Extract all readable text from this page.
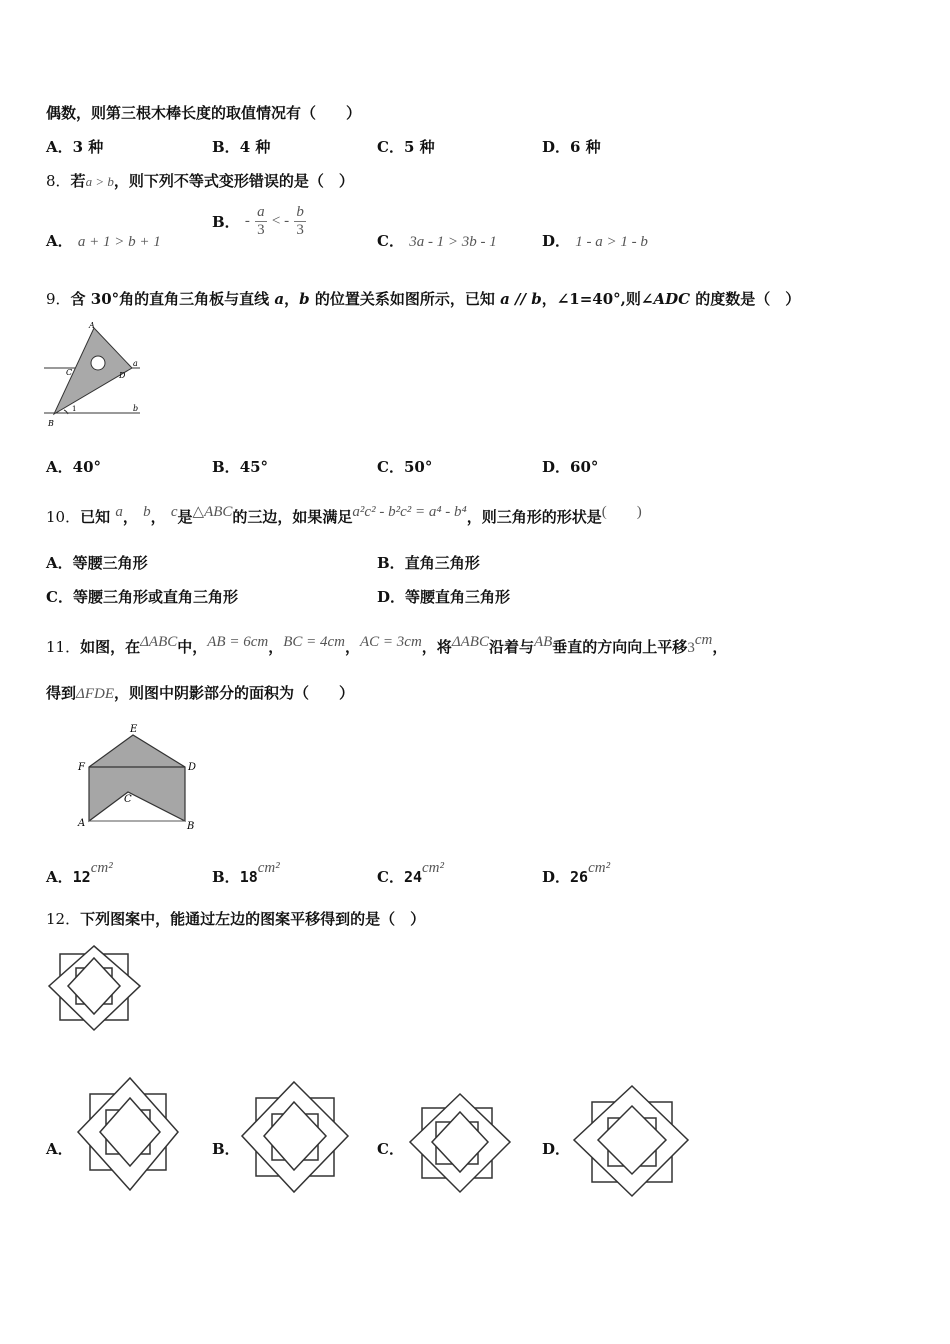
偶数，则第三根木棒长度的取值情况有（　　）
A．3 种	B．4 种	C．5 种	D．6 种
8．若a > b，则下列不等式变形错误的是（　）
A． a + 1 > b + 1
B． - $\frac{a}{3}$ < - $\frac{b}{3}$
C． 3a - 1 > 3b - 1	D． 1 - a > 1 - b
9．含 30°角的直角三角板与直线 a，b 的位置关系如图所示，已知 a // b，∠1=40°,则∠ADC 的度数是（　）
A
C	D
a
b
1
B
A．40°	B．45°	C．50°	D．60°
10．已知 a， b， c是△ABC的三边，如果满足a²c² - b²c² = a⁴ - b⁴，则三角形的形状是(　　)
A．等腰三角形	B．直角三角形
C．等腰三角形或直角三角形	D．等腰直角三角形
11．如图，在ΔABC中，AB = 6cm，BC = 4cm，AC = 3cm，将ΔABC沿着与AB垂直的方向向上平移3cm，
得到ΔFDE，则图中阴影部分的面积为（　　）
E
F	D
C
A	B
A．12cm²	B．18cm²	C．24cm²	D．26cm²
12．下列图案中，能通过左边的图案平移得到的是（　）
A．	B．	C．	D．
